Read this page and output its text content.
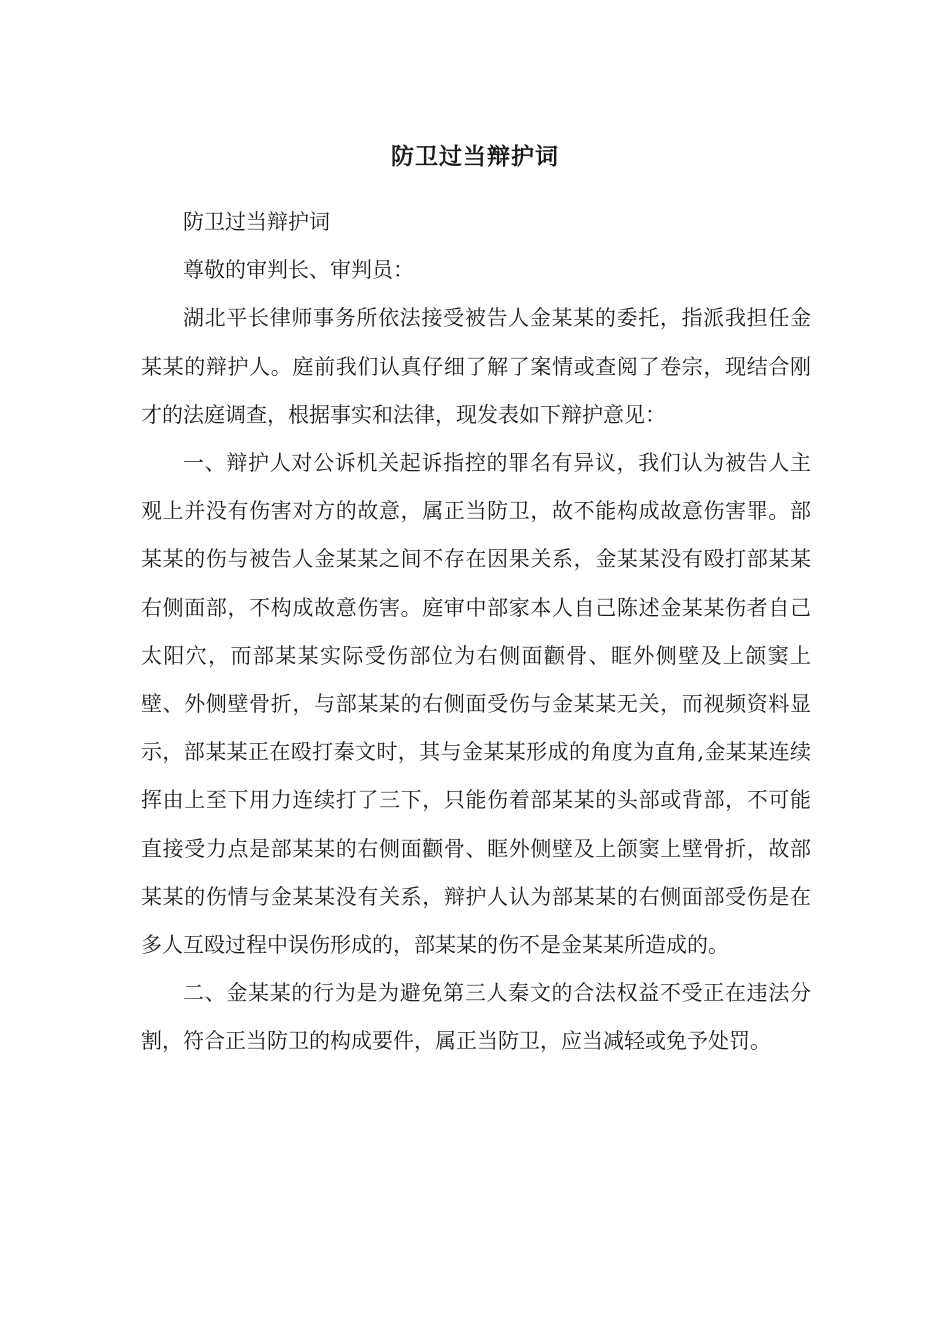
防卫过当辩护词

防卫过当辩护词

尊敬的审判长、审判员：

湖北平长律师事务所依法接受被告人金某某的委托，指派我担任金某某的辩护人。庭前我们认真仔细了解了案情或查阅了卷宗，现结合刚才的法庭调查，根据事实和法律，现发表如下辩护意见：

一、辩护人对公诉机关起诉指控的罪名有异议，我们认为被告人主观上并没有伤害对方的故意，属正当防卫，故不能构成故意伤害罪。部某某的伤与被告人金某某之间不存在因果关系，金某某没有殴打部某某右侧面部，不构成故意伤害。庭审中部家本人自己陈述金某某伤者自己太阳穴，而部某某实际受伤部位为右侧面颧骨、眶外侧壁及上颌窦上壁、外侧壁骨折，与部某某的右侧面受伤与金某某无关，而视频资料显示，部某某正在殴打秦文时，其与金某某形成的角度为直角,金某某连续挥由上至下用力连续打了三下，只能伤着部某某的头部或背部，不可能直接受力点是部某某的右侧面颧骨、眶外侧壁及上颌窦上壁骨折，故部某某的伤情与金某某没有关系，辩护人认为部某某的右侧面部受伤是在多人互殴过程中误伤形成的，部某某的伤不是金某某所造成的。

二、金某某的行为是为避免第三人秦文的合法权益不受正在违法分割，符合正当防卫的构成要件，属正当防卫，应当减轻或免予处罚。
